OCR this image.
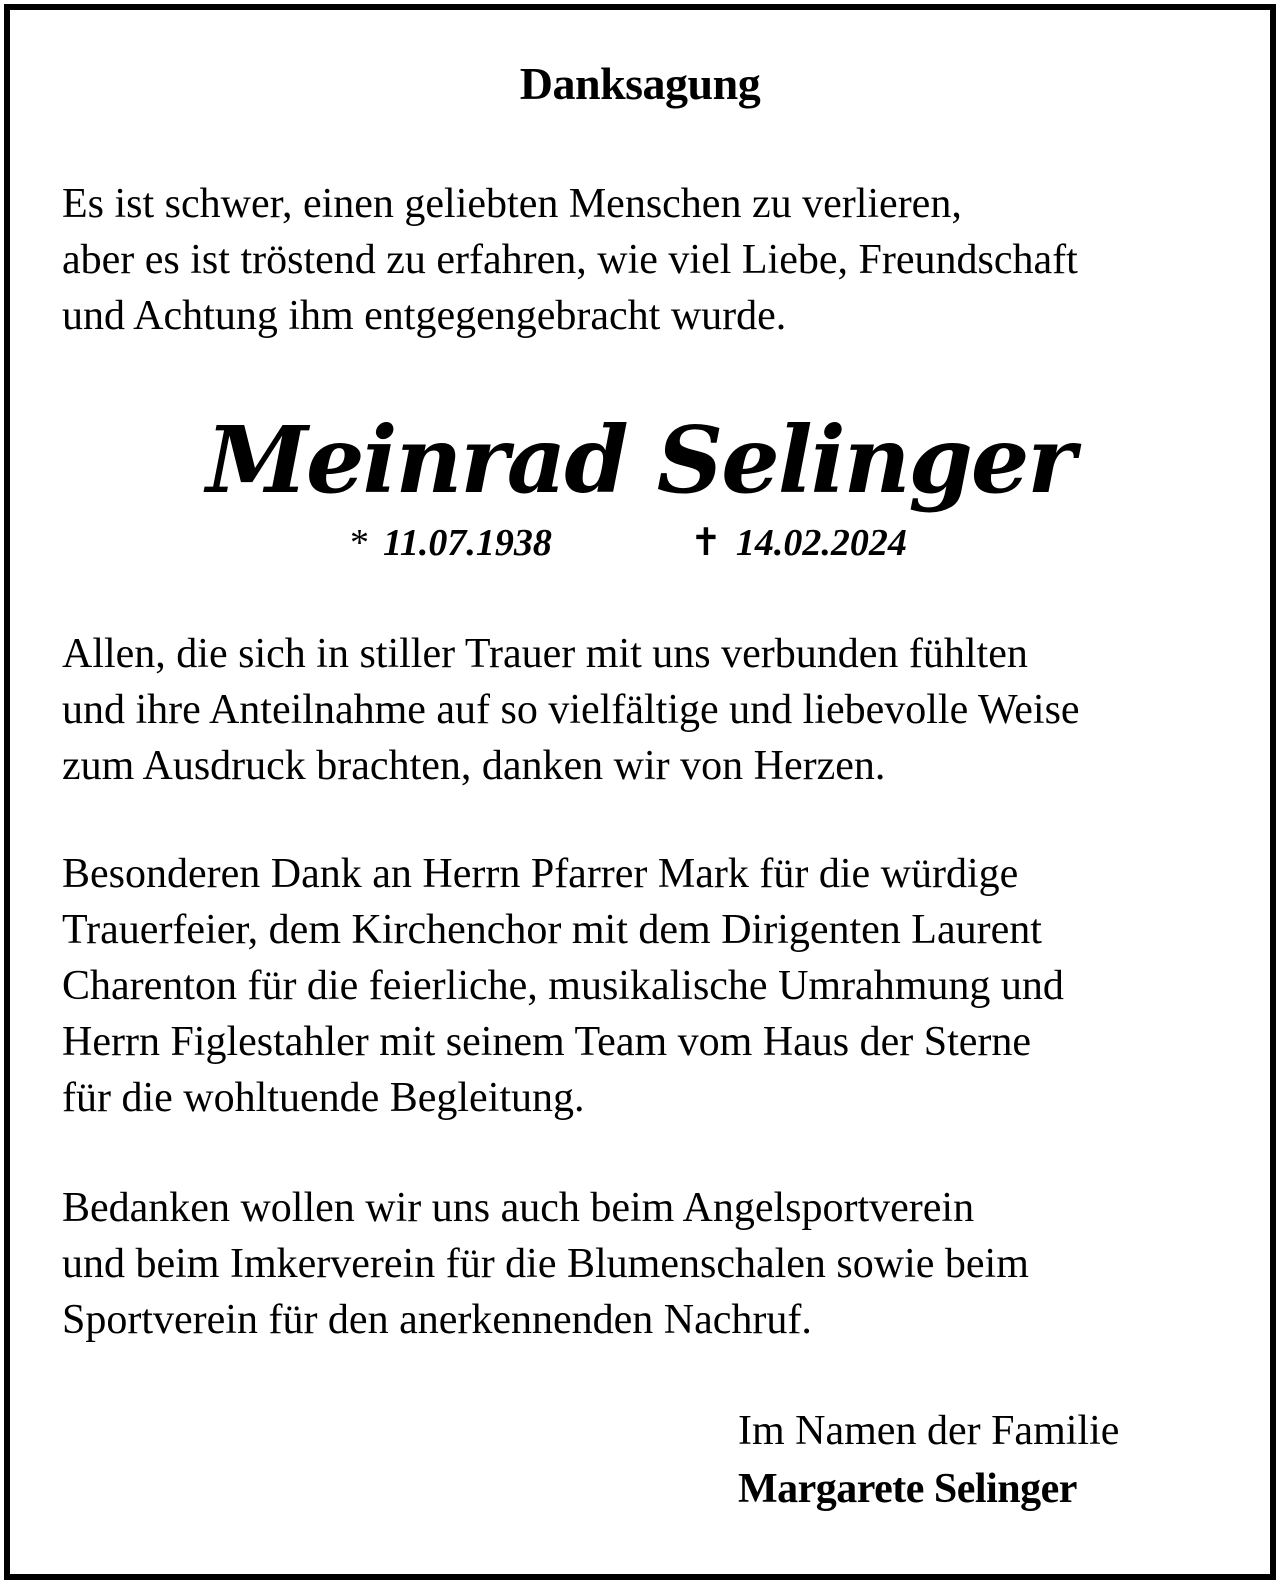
Danksagung
Es ist schwer, einen geliebten Menschen zu verlieren,
aber es ist tröstend zu erfahren, wie viel Liebe, Freundschaft
und Achtung ihm entgegengebracht wurde.
Meinrad Selinger
* 11.07.1938	✝ 14.02.2024
Allen, die sich in stiller Trauer mit uns verbunden fühlten
und ihre Anteilnahme auf so vielfältige und liebevolle Weise
zum Ausdruck brachten, danken wir von Herzen.
Besonderen Dank an Herrn Pfarrer Mark für die würdige
Trauerfeier, dem Kirchenchor mit dem Dirigenten Laurent
Charenton für die feierliche, musikalische Umrahmung und
Herrn Figlestahler mit seinem Team vom Haus der Sterne
für die wohltuende Begleitung.
Bedanken wollen wir uns auch beim Angelsportverein
und beim Imkerverein für die Blumenschalen sowie beim
Sportverein für den anerkennenden Nachruf.
Im Namen der Familie
Margarete Selinger
